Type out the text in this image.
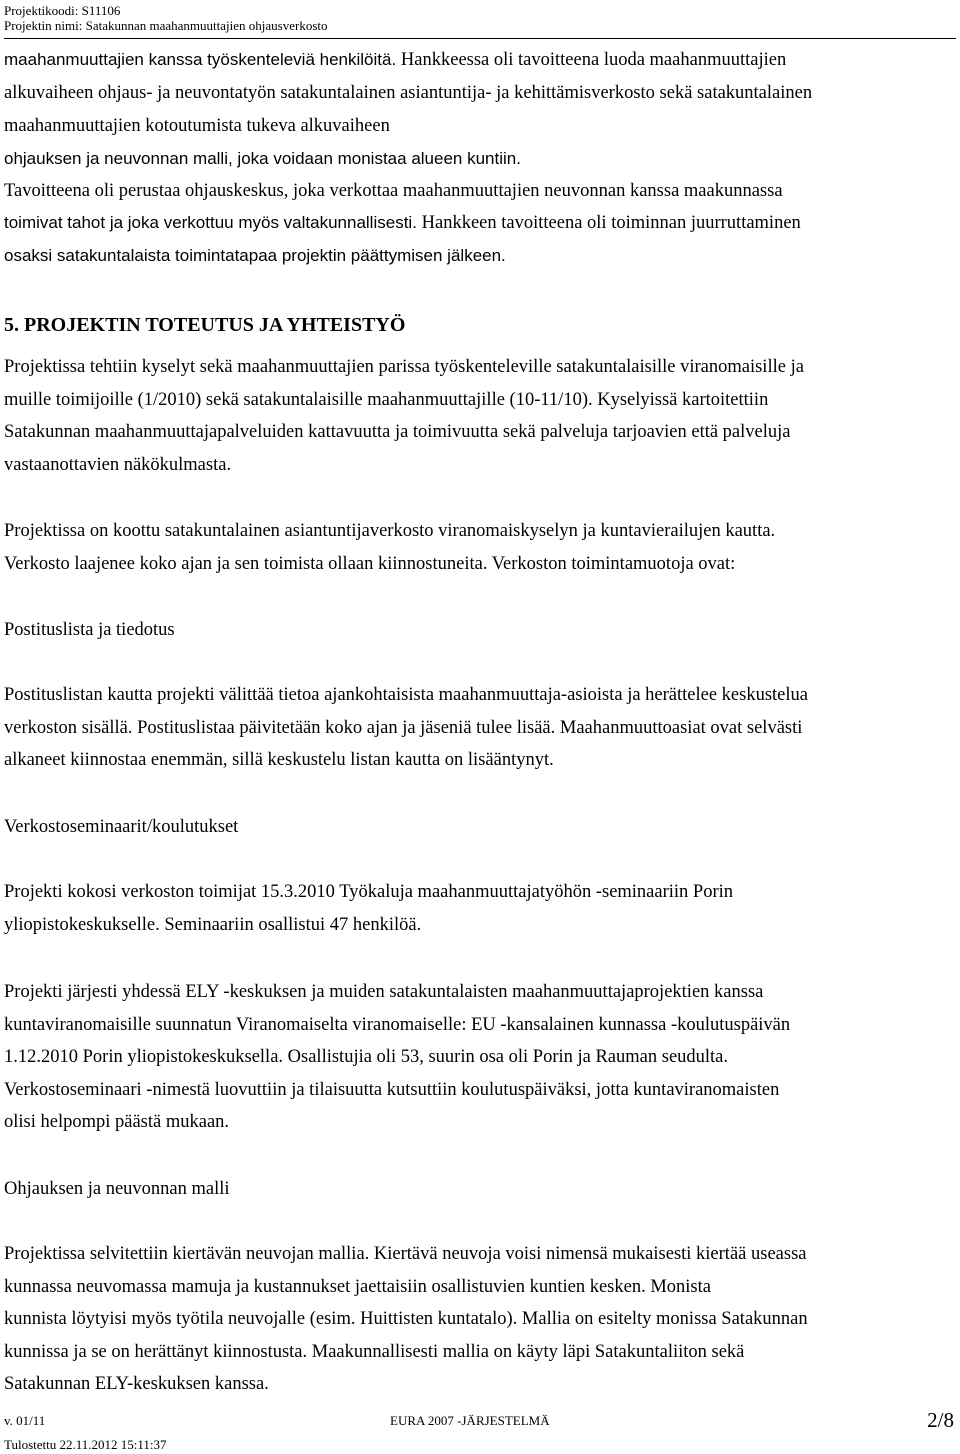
Projektikoodi: S11106
Projektin nimi: Satakunnan maahanmuuttajien ohjausverkosto
maahanmuuttajien kanssa työskenteleviä henkilöitä. Hankkeessa oli tavoitteena luoda maahanmuuttajien
alkuvaiheen ohjaus- ja neuvontatyön satakuntalainen asiantuntija- ja kehittämisverkosto sekä satakuntalainen
maahanmuuttajien kotoutumista tukeva alkuvaiheen
ohjauksen ja neuvonnan malli, joka voidaan monistaa alueen kuntiin.
Tavoitteena oli perustaa ohjauskeskus, joka verkottaa maahanmuuttajien neuvonnan kanssa maakunnassa
toimivat tahot ja joka verkottuu myös valtakunnallisesti. Hankkeen tavoitteena oli toiminnan juurruttaminen
osaksi satakuntalaista toimintatapaa projektin päättymisen jälkeen.
5. PROJEKTIN TOTEUTUS JA YHTEISTYÖ
Projektissa tehtiin kyselyt sekä maahanmuuttajien parissa työskenteleville satakuntalaisille viranomaisille ja
muille toimijoille (1/2010) sekä satakuntalaisille maahanmuuttajille (10-11/10). Kyselyissä kartoitettiin
Satakunnan maahanmuuttajapalveluiden kattavuutta ja toimivuutta sekä palveluja tarjoavien että palveluja
vastaanottavien näkökulmasta.
Projektissa on koottu satakuntalainen asiantuntijaverkosto viranomaiskyselyn ja kuntavierailujen kautta.
Verkosto laajenee koko ajan ja sen toimista ollaan kiinnostuneita. Verkoston toimintamuotoja ovat:
Postituslista ja tiedotus
Postituslistan kautta projekti välittää tietoa ajankohtaisista maahanmuuttaja-asioista ja herättelee keskustelua
verkoston sisällä. Postituslistaa päivitetään koko ajan ja jäseniä tulee lisää. Maahanmuuttoasiat ovat selvästi
alkaneet kiinnostaa enemmän, sillä keskustelu listan kautta on lisääntynyt.
Verkostoseminaarit/koulutukset
Projekti kokosi verkoston toimijat 15.3.2010 Työkaluja maahanmuuttajatyöhön -seminaariin Porin
yliopistokeskukselle. Seminaariin osallistui 47 henkilöä.
Projekti järjesti yhdessä ELY -keskuksen ja muiden satakuntalaisten maahanmuuttajaprojektien kanssa
kuntaviranomaisille suunnatun Viranomaiselta viranomaiselle: EU -kansalainen kunnassa -koulutuspäivän
1.12.2010 Porin yliopistokeskuksella. Osallistujia oli 53, suurin osa oli Porin ja Rauman seudulta.
Verkostoseminaari -nimestä luovuttiin ja tilaisuutta kutsuttiin koulutuspäiväksi, jotta kuntaviranomaisten
olisi helpompi päästä mukaan.
Ohjauksen ja neuvonnan malli
Projektissa selvitettiin kiertävän neuvojan mallia. Kiertävä neuvoja voisi nimensä mukaisesti kiertää useassa
kunnassa neuvomassa mamuja ja kustannukset jaettaisiin osallistuvien kuntien kesken. Monista
kunnista löytyisi myös työtila neuvojalle (esim. Huittisten kuntatalo). Mallia on esitelty monissa Satakunnan
kunnissa ja se on herättänyt kiinnostusta. Maakunnallisesti mallia on käyty läpi Satakuntaliiton sekä
Satakunnan ELY-keskuksen kanssa.
v. 01/11	EURA 2007 -JÄRJESTELMÄ	2/8
Tulostettu 22.11.2012 15:11:37
